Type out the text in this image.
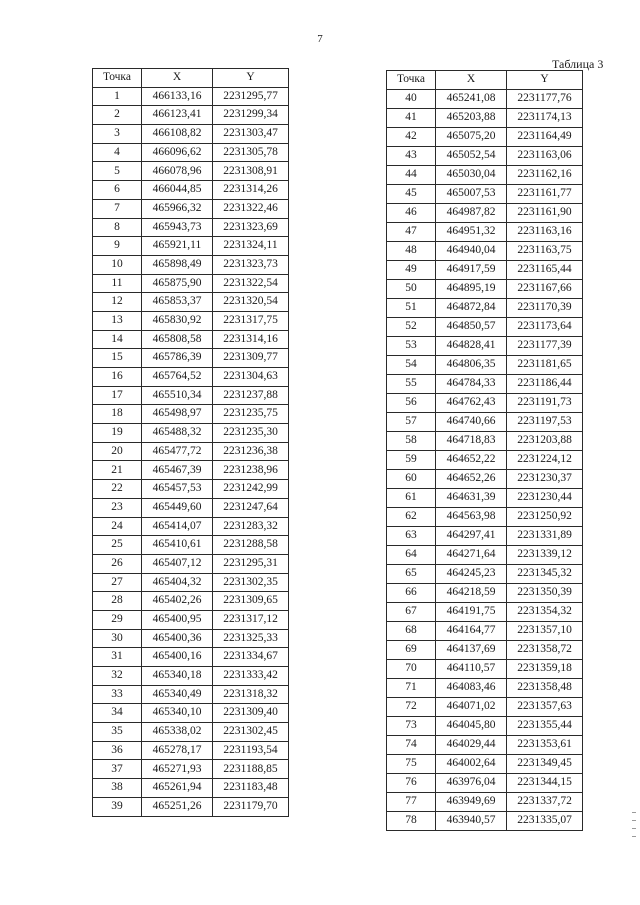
7
Таблица 3
Точка	X	Y
1	466133,16	2231295,77
2	466123,41	2231299,34
3	466108,82	2231303,47
4	466096,62	2231305,78
5	466078,96	2231308,91
6	466044,85	2231314,26
7	465966,32	2231322,46
8	465943,73	2231323,69
9	465921,11	2231324,11
10	465898,49	2231323,73
11	465875,90	2231322,54
12	465853,37	2231320,54
13	465830,92	2231317,75
14	465808,58	2231314,16
15	465786,39	2231309,77
16	465764,52	2231304,63
17	465510,34	2231237,88
18	465498,97	2231235,75
19	465488,32	2231235,30
20	465477,72	2231236,38
21	465467,39	2231238,96
22	465457,53	2231242,99
23	465449,60	2231247,64
24	465414,07	2231283,32
25	465410,61	2231288,58
26	465407,12	2231295,31
27	465404,32	2231302,35
28	465402,26	2231309,65
29	465400,95	2231317,12
30	465400,36	2231325,33
31	465400,16	2231334,67
32	465340,18	2231333,42
33	465340,49	2231318,32
34	465340,10	2231309,40
35	465338,02	2231302,45
36	465278,17	2231193,54
37	465271,93	2231188,85
38	465261,94	2231183,48
39	465251,26	2231179,70
Точка	X	Y
40	465241,08	2231177,76
41	465203,88	2231174,13
42	465075,20	2231164,49
43	465052,54	2231163,06
44	465030,04	2231162,16
45	465007,53	2231161,77
46	464987,82	2231161,90
47	464951,32	2231163,16
48	464940,04	2231163,75
49	464917,59	2231165,44
50	464895,19	2231167,66
51	464872,84	2231170,39
52	464850,57	2231173,64
53	464828,41	2231177,39
54	464806,35	2231181,65
55	464784,33	2231186,44
56	464762,43	2231191,73
57	464740,66	2231197,53
58	464718,83	2231203,88
59	464652,22	2231224,12
60	464652,26	2231230,37
61	464631,39	2231230,44
62	464563,98	2231250,92
63	464297,41	2231331,89
64	464271,64	2231339,12
65	464245,23	2231345,32
66	464218,59	2231350,39
67	464191,75	2231354,32
68	464164,77	2231357,10
69	464137,69	2231358,72
70	464110,57	2231359,18
71	464083,46	2231358,48
72	464071,02	2231357,63
73	464045,80	2231355,44
74	464029,44	2231353,61
75	464002,64	2231349,45
76	463976,04	2231344,15
77	463949,69	2231337,72
78	463940,57	2231335,07
